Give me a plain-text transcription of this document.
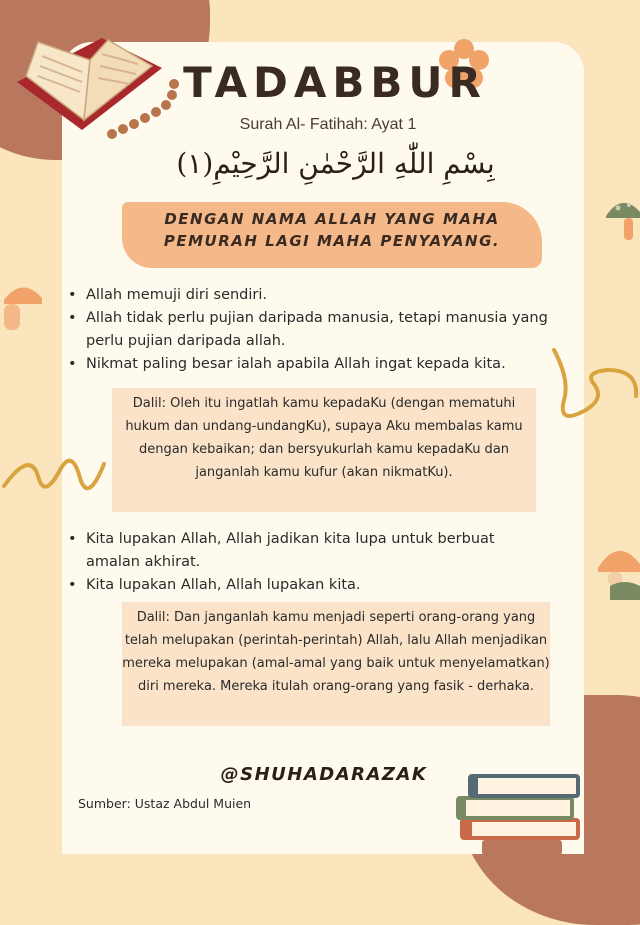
TADABBUR
Surah Al- Fatihah: Ayat 1
بِسْمِ اللّٰهِ الرَّحْمٰنِ الرَّحِيْمِ(١)
DENGAN NAMA ALLAH YANG MAHA
PEMURAH LAGI MAHA PENYAYANG.
• Allah memuji diri sendiri.
• Allah tidak perlu pujian daripada manusia, tetapi manusia yang perlu pujian daripada allah.
• Nikmat paling besar ialah apabila Allah ingat kepada kita.
Dalil: Oleh itu ingatlah kamu kepadaKu (dengan mematuhi hukum dan undang-undangKu), supaya Aku membalas kamu dengan kebaikan; dan bersyukurlah kamu kepadaKu dan janganlah kamu kufur (akan nikmatKu).
• Kita lupakan Allah, Allah jadikan kita lupa untuk berbuat amalan akhirat.
• Kita lupakan Allah, Allah lupakan kita.
Dalil: Dan janganlah kamu menjadi seperti orang-orang yang telah melupakan (perintah-perintah) Allah, lalu Allah menjadikan mereka melupakan (amal-amal yang baik untuk menyelamatkan) diri mereka. Mereka itulah orang-orang yang fasik - derhaka.
@SHUHADARAZAK
Sumber: Ustaz Abdul Muien
